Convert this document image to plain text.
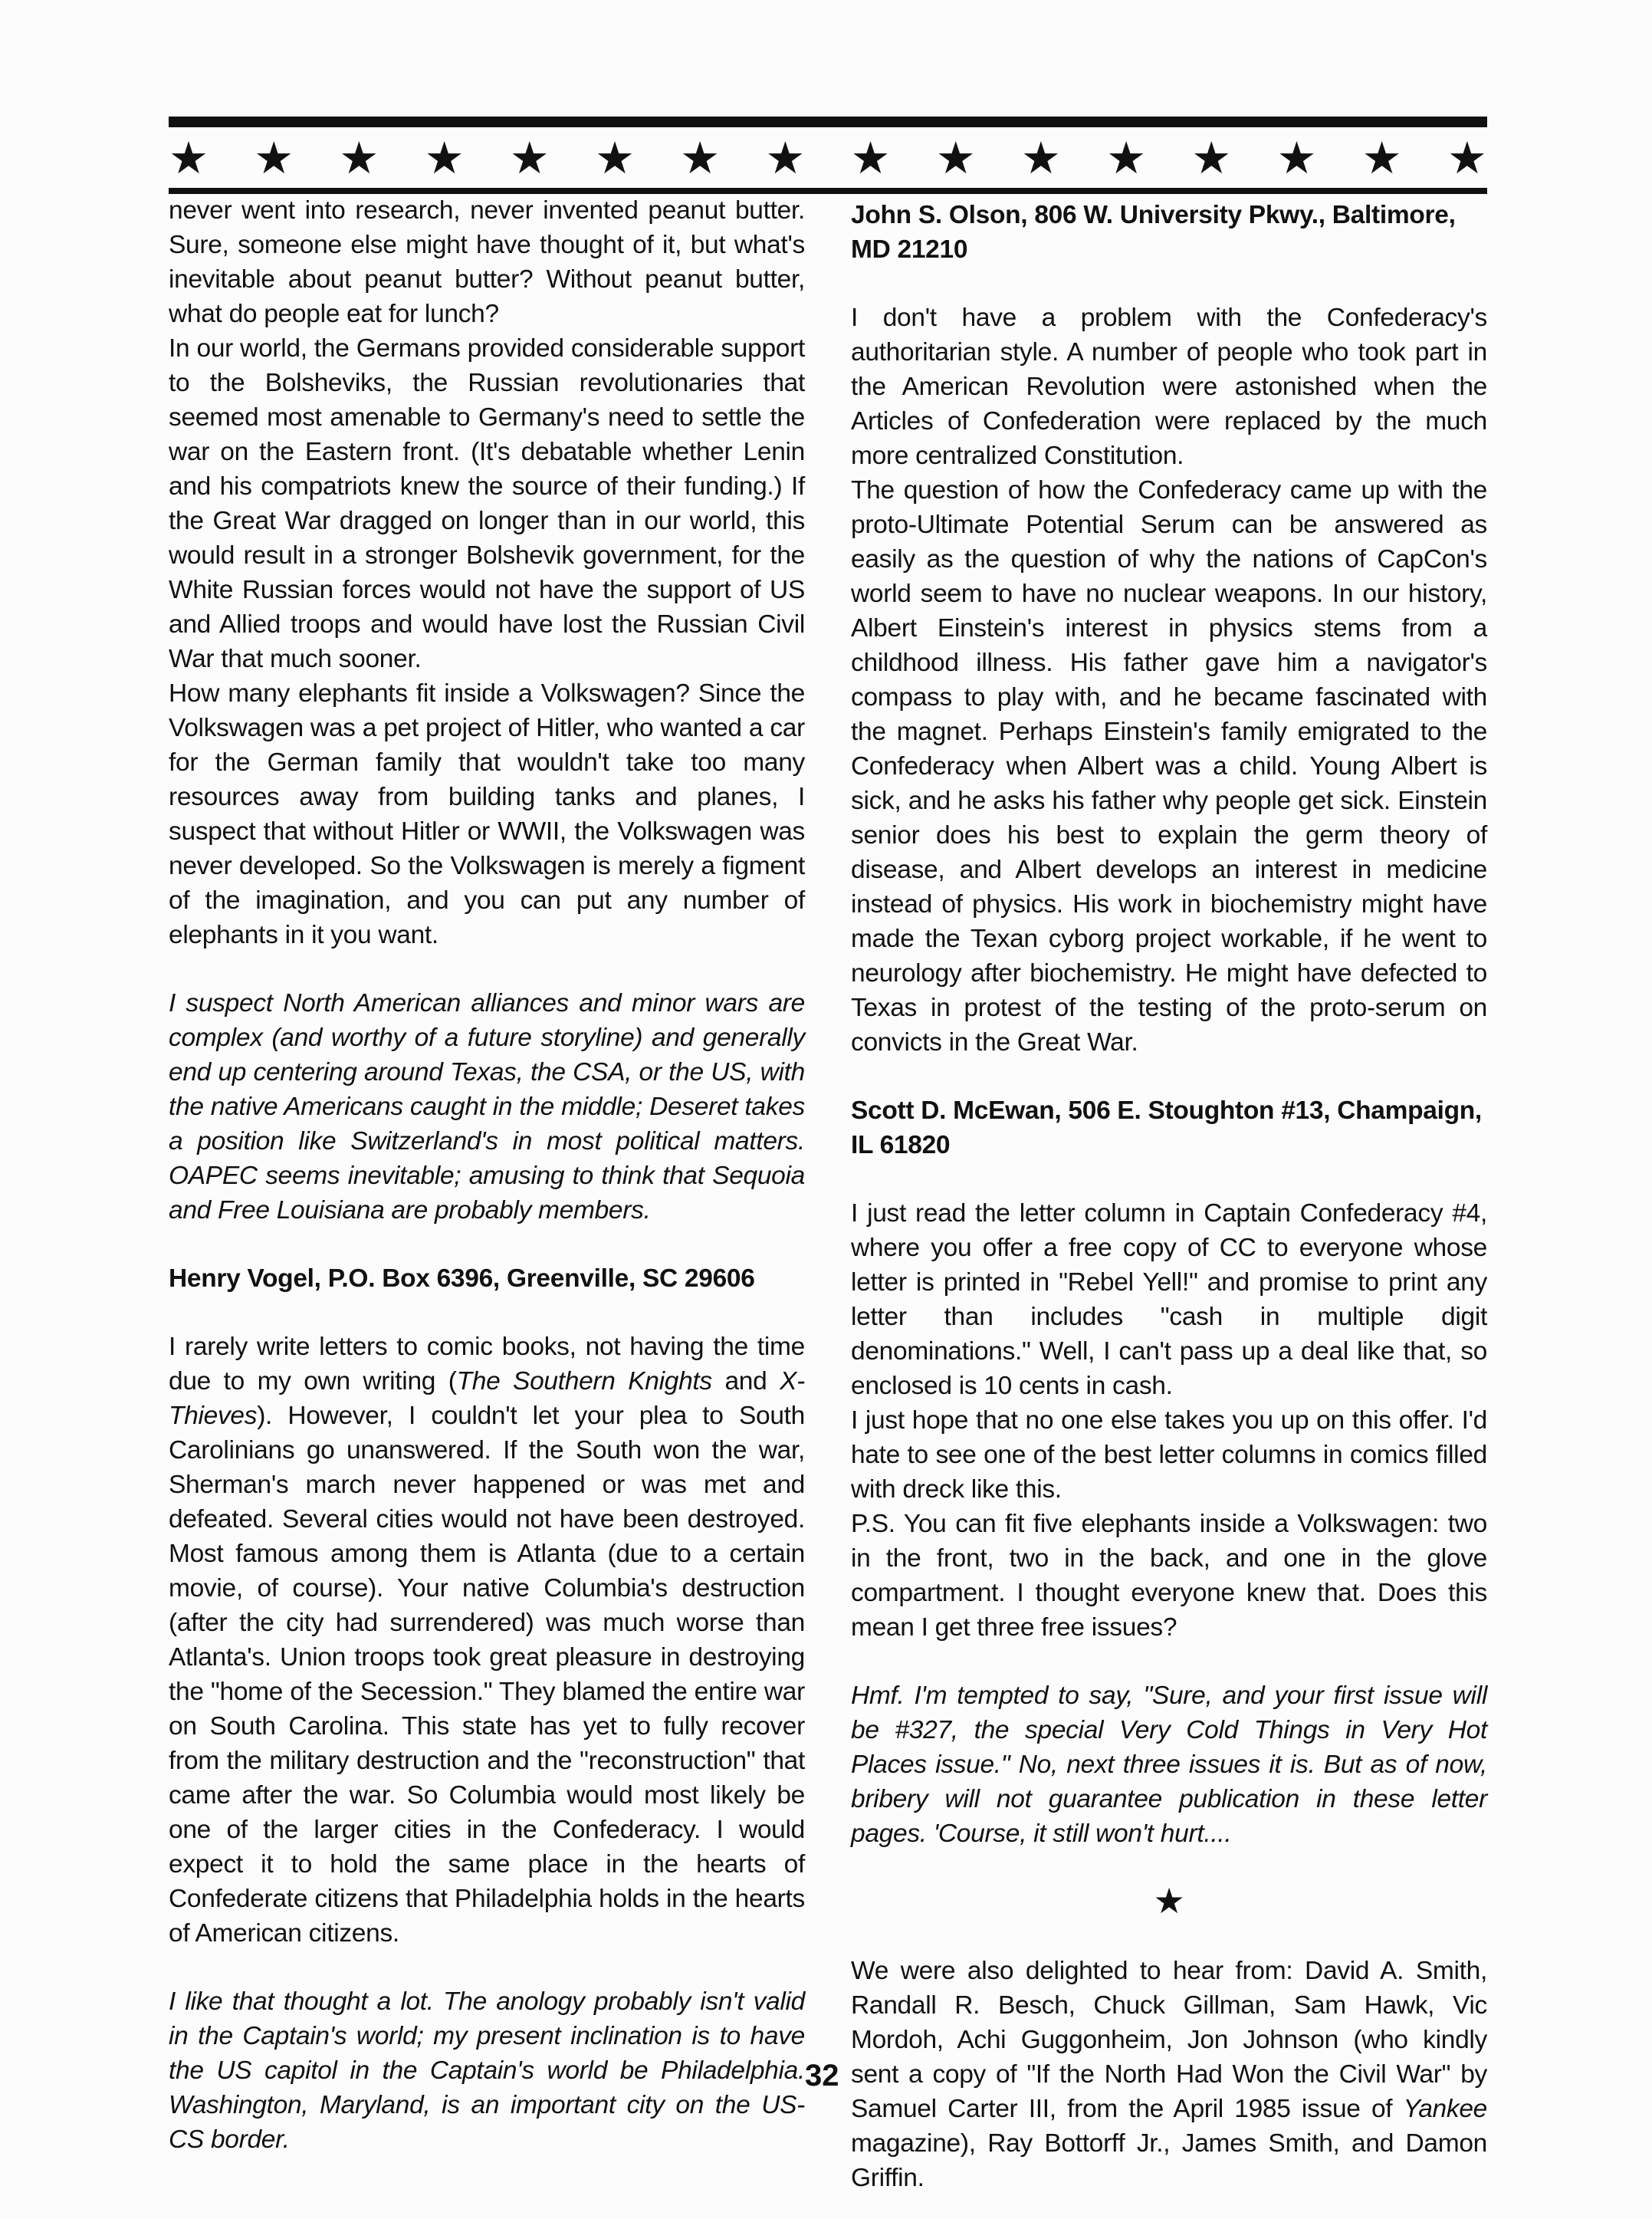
★ ★ ★ ★ ★ ★ ★ ★ ★ ★ ★ ★ ★ ★ ★ ★

never went into research, never invented peanut butter. Sure, someone else might have thought of it, but what's inevitable about peanut butter? Without peanut butter, what do people eat for lunch?

In our world, the Germans provided considerable support to the Bolsheviks, the Russian revolutionaries that seemed most amenable to Germany's need to settle the war on the Eastern front. (It's debatable whether Lenin and his compatriots knew the source of their funding.) If the Great War dragged on longer than in our world, this would result in a stronger Bolshevik government, for the White Russian forces would not have the support of US and Allied troops and would have lost the Russian Civil War that much sooner.

How many elephants fit inside a Volkswagen? Since the Volkswagen was a pet project of Hitler, who wanted a car for the German family that wouldn't take too many resources away from building tanks and planes, I suspect that without Hitler or WWII, the Volkswagen was never developed. So the Volkswagen is merely a figment of the imagination, and you can put any number of elephants in it you want.

I suspect North American alliances and minor wars are complex (and worthy of a future storyline) and generally end up centering around Texas, the CSA, or the US, with the native Americans caught in the middle; Deseret takes a position like Switzerland's in most political matters. OAPEC seems inevitable; amusing to think that Sequoia and Free Louisiana are probably members.

Henry Vogel, P.O. Box 6396, Greenville, SC 29606

I rarely write letters to comic books, not having the time due to my own writing (The Southern Knights and X-Thieves). However, I couldn't let your plea to South Carolinians go unanswered. If the South won the war, Sherman's march never happened or was met and defeated. Several cities would not have been destroyed. Most famous among them is Atlanta (due to a certain movie, of course). Your native Columbia's destruction (after the city had surrendered) was much worse than Atlanta's. Union troops took great pleasure in destroying the "home of the Secession." They blamed the entire war on South Carolina. This state has yet to fully recover from the military destruction and the "reconstruction" that came after the war. So Columbia would most likely be one of the larger cities in the Confederacy. I would expect it to hold the same place in the hearts of Confederate citizens that Philadelphia holds in the hearts of American citizens.

I like that thought a lot. The anology probably isn't valid in the Captain's world; my present inclination is to have the US capitol in the Captain's world be Philadelphia. Washington, Maryland, is an important city on the US-CS border.

John S. Olson, 806 W. University Pkwy., Baltimore, MD 21210

I don't have a problem with the Confederacy's authoritarian style. A number of people who took part in the American Revolution were astonished when the Articles of Confederation were replaced by the much more centralized Constitution.

The question of how the Confederacy came up with the proto-Ultimate Potential Serum can be answered as easily as the question of why the nations of CapCon's world seem to have no nuclear weapons. In our history, Albert Einstein's interest in physics stems from a childhood illness. His father gave him a navigator's compass to play with, and he became fascinated with the magnet. Perhaps Einstein's family emigrated to the Confederacy when Albert was a child. Young Albert is sick, and he asks his father why people get sick. Einstein senior does his best to explain the germ theory of disease, and Albert develops an interest in medicine instead of physics. His work in biochemistry might have made the Texan cyborg project workable, if he went to neurology after biochemistry. He might have defected to Texas in protest of the testing of the proto-serum on convicts in the Great War.

Scott D. McEwan, 506 E. Stoughton #13, Champaign, IL 61820

I just read the letter column in Captain Confederacy #4, where you offer a free copy of CC to everyone whose letter is printed in "Rebel Yell!" and promise to print any letter than includes "cash in multiple digit denominations." Well, I can't pass up a deal like that, so enclosed is 10 cents in cash.

I just hope that no one else takes you up on this offer. I'd hate to see one of the best letter columns in comics filled with dreck like this.

P.S. You can fit five elephants inside a Volkswagen: two in the front, two in the back, and one in the glove compartment. I thought everyone knew that. Does this mean I get three free issues?

Hmf. I'm tempted to say, "Sure, and your first issue will be #327, the special Very Cold Things in Very Hot Places issue." No, next three issues it is. But as of now, bribery will not guarantee publication in these letter pages. 'Course, it still won't hurt....

★

We were also delighted to hear from: David A. Smith, Randall R. Besch, Chuck Gillman, Sam Hawk, Vic Mordoh, Achi Guggonheim, Jon Johnson (who kindly sent a copy of "If the North Had Won the Civil War" by Samuel Carter III, from the April 1985 issue of Yankee magazine), Ray Bottorff Jr., James Smith, and Damon Griffin.

32
